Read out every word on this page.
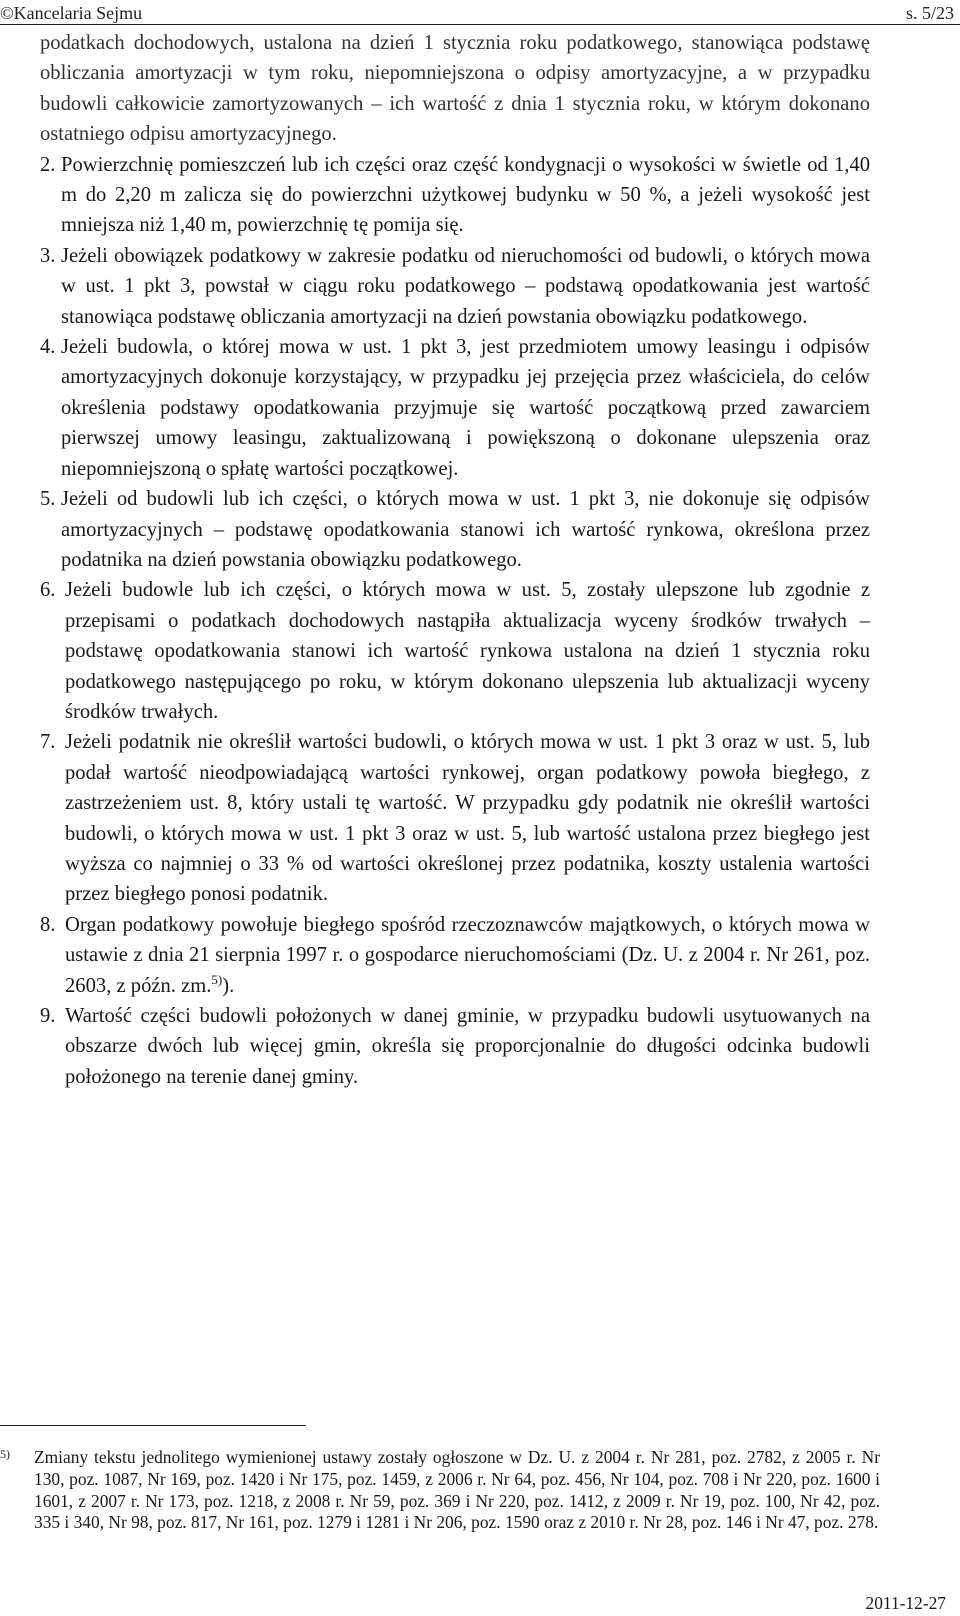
©Kancelaria Sejmu	s. 5/23

podatkach dochodowych, ustalona na dzień 1 stycznia roku podatkowego, stanowiąca podstawę obliczania amortyzacji w tym roku, niepomniejszona o odpisy amortyzacyjne, a w przypadku budowli całkowicie zamortyzowanych – ich wartość z dnia 1 stycznia roku, w którym dokonano ostatniego odpisu amortyzacyjnego.

2. Powierzchnię pomieszczeń lub ich części oraz część kondygnacji o wysokości w świetle od 1,40 m do 2,20 m zalicza się do powierzchni użytkowej budynku w 50 %, a jeżeli wysokość jest mniejsza niż 1,40 m, powierzchnię tę pomija się.
3. Jeżeli obowiązek podatkowy w zakresie podatku od nieruchomości od budowli, o których mowa w ust. 1 pkt 3, powstał w ciągu roku podatkowego – podstawą opodatkowania jest wartość stanowiąca podstawę obliczania amortyzacji na dzień powstania obowiązku podatkowego.
4. Jeżeli budowla, o której mowa w ust. 1 pkt 3, jest przedmiotem umowy leasingu i odpisów amortyzacyjnych dokonuje korzystający, w przypadku jej przejęcia przez właściciela, do celów określenia podstawy opodatkowania przyjmuje się wartość początkową przed zawarciem pierwszej umowy leasingu, zaktualizowaną i powiększoną o dokonane ulepszenia oraz niepomniejszoną o spłatę wartości początkowej.
5. Jeżeli od budowli lub ich części, o których mowa w ust. 1 pkt 3, nie dokonuje się odpisów amortyzacyjnych – podstawę opodatkowania stanowi ich wartość rynkowa, określona przez podatnika na dzień powstania obowiązku podatkowego.
6. Jeżeli budowle lub ich części, o których mowa w ust. 5, zostały ulepszone lub zgodnie z przepisami o podatkach dochodowych nastąpiła aktualizacja wyceny środków trwałych – podstawę opodatkowania stanowi ich wartość rynkowa ustalona na dzień 1 stycznia roku podatkowego następującego po roku, w którym dokonano ulepszenia lub aktualizacji wyceny środków trwałych.
7. Jeżeli podatnik nie określił wartości budowli, o których mowa w ust. 1 pkt 3 oraz w ust. 5, lub podał wartość nieodpowiadającą wartości rynkowej, organ podatkowy powoła biegłego, z zastrzeżeniem ust. 8, który ustali tę wartość. W przypadku gdy podatnik nie określił wartości budowli, o których mowa w ust. 1 pkt 3 oraz w ust. 5, lub wartość ustalona przez biegłego jest wyższa co najmniej o 33 % od wartości określonej przez podatnika, koszty ustalenia wartości przez biegłego ponosi podatnik.
8. Organ podatkowy powołuje biegłego spośród rzeczoznawców majątkowych, o których mowa w ustawie z dnia 21 sierpnia 1997 r. o gospodarce nieruchomościami (Dz. U. z 2004 r. Nr 261, poz. 2603, z późn. zm.$^{5)}$).
9. Wartość części budowli położonych w danej gminie, w przypadku budowli usytuowanych na obszarze dwóch lub więcej gmin, określa się proporcjonalnie do długości odcinka budowli położonego na terenie danej gminy.
5)	Zmiany tekstu jednolitego wymienionej ustawy zostały ogłoszone w Dz. U. z 2004 r. Nr 281, poz. 2782, z 2005 r. Nr 130, poz. 1087, Nr 169, poz. 1420 i Nr 175, poz. 1459, z 2006 r. Nr 64, poz. 456, Nr 104, poz. 708 i Nr 220, poz. 1600 i 1601, z 2007 r. Nr 173, poz. 1218, z 2008 r. Nr 59, poz. 369 i Nr 220, poz. 1412, z 2009 r. Nr 19, poz. 100, Nr 42, poz. 335 i 340, Nr 98, poz. 817, Nr 161, poz. 1279 i 1281 i Nr 206, poz. 1590 oraz z 2010 r. Nr 28, poz. 146 i Nr 47, poz. 278.
2011-12-27
